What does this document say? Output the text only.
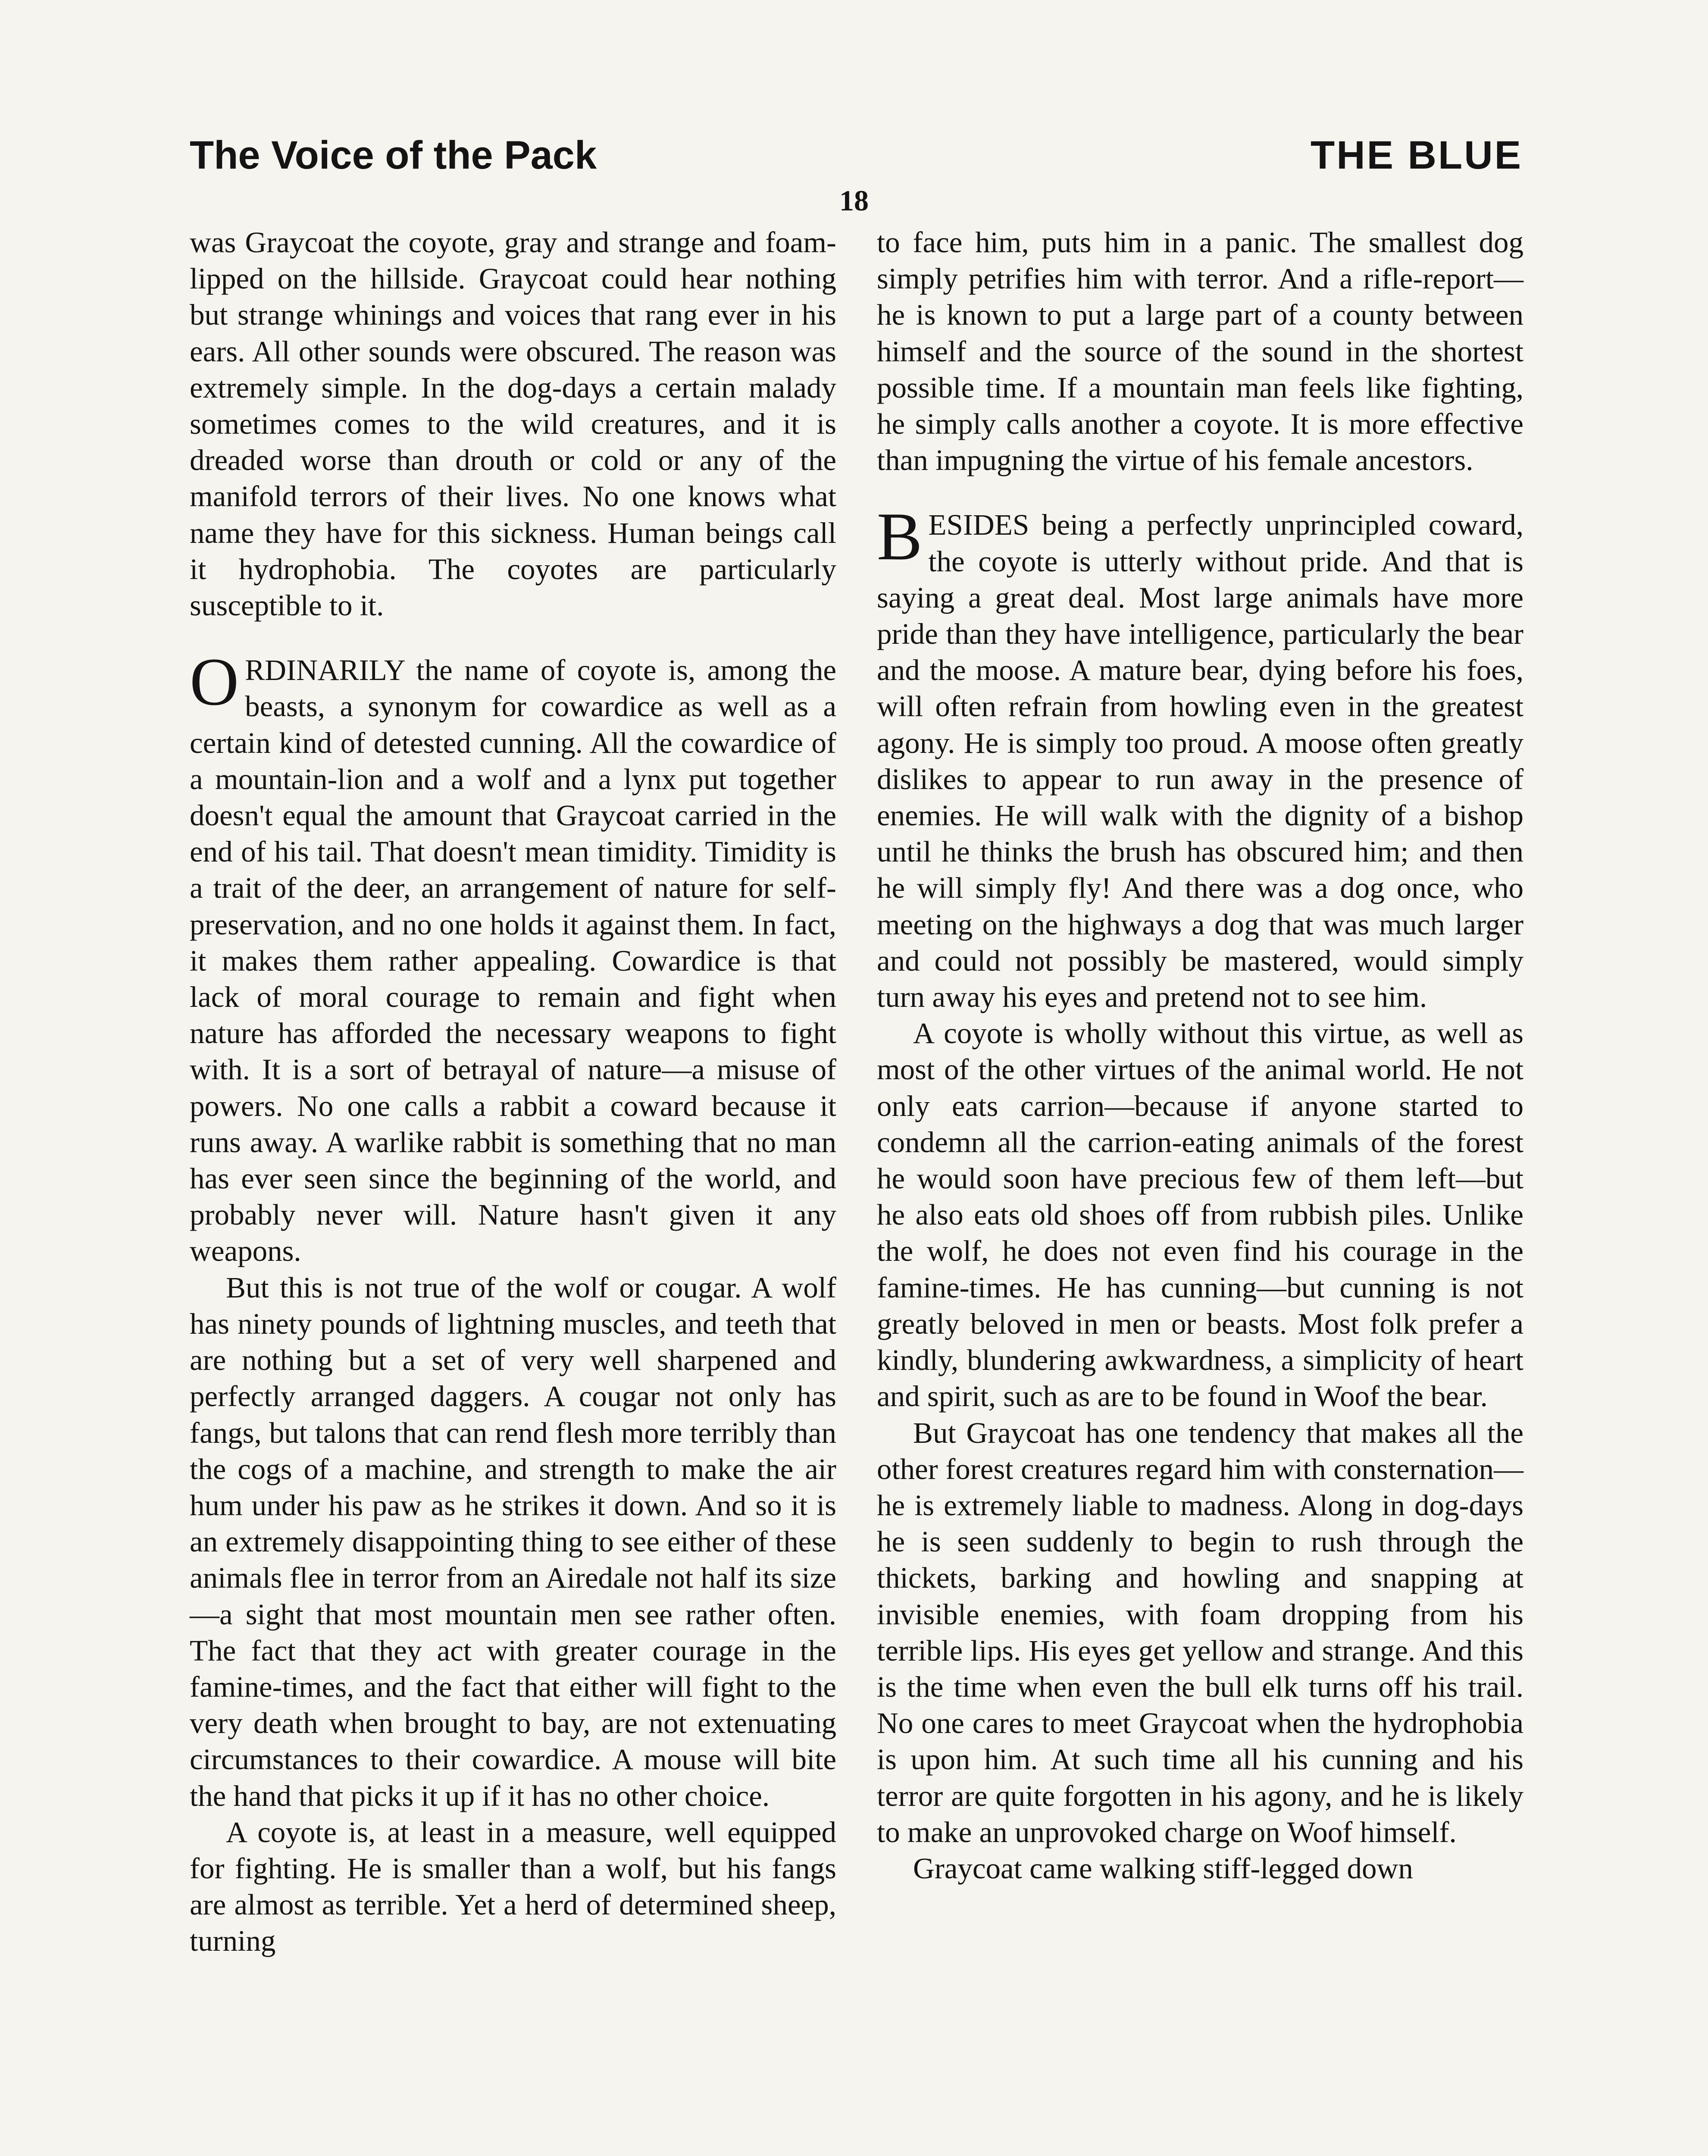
The Voice of the Pack	THE BLUE
18

was Graycoat the coyote, gray and strange and foam-lipped on the hillside. Graycoat could hear nothing but strange whinings and voices that rang ever in his ears. All other sounds were obscured. The reason was extremely simple. In the dog-days a certain malady sometimes comes to the wild creatures, and it is dreaded worse than drouth or cold or any of the manifold terrors of their lives. No one knows what name they have for this sickness. Human beings call it hydrophobia. The coyotes are particularly susceptible to it.

ORDINARILY the name of coyote is, among the beasts, a synonym for cowardice as well as a certain kind of detested cunning. All the cowardice of a mountain-lion and a wolf and a lynx put together doesn't equal the amount that Graycoat carried in the end of his tail. That doesn't mean timidity. Timidity is a trait of the deer, an arrangement of nature for self-preservation, and no one holds it against them. In fact, it makes them rather appealing. Cowardice is that lack of moral courage to remain and fight when nature has afforded the necessary weapons to fight with. It is a sort of betrayal of nature—a misuse of powers. No one calls a rabbit a coward because it runs away. A warlike rabbit is something that no man has ever seen since the beginning of the world, and probably never will. Nature hasn't given it any weapons.

But this is not true of the wolf or cougar. A wolf has ninety pounds of lightning muscles, and teeth that are nothing but a set of very well sharpened and perfectly arranged daggers. A cougar not only has fangs, but talons that can rend flesh more terribly than the cogs of a machine, and strength to make the air hum under his paw as he strikes it down. And so it is an extremely disappointing thing to see either of these animals flee in terror from an Airedale not half its size—a sight that most mountain men see rather often. The fact that they act with greater courage in the famine-times, and the fact that either will fight to the very death when brought to bay, are not extenuating circumstances to their cowardice. A mouse will bite the hand that picks it up if it has no other choice.

A coyote is, at least in a measure, well equipped for fighting. He is smaller than a wolf, but his fangs are almost as terrible. Yet a herd of determined sheep, turning

to face him, puts him in a panic. The smallest dog simply petrifies him with terror. And a rifle-report—he is known to put a large part of a county between himself and the source of the sound in the shortest possible time. If a mountain man feels like fighting, he simply calls another a coyote. It is more effective than impugning the virtue of his female ancestors.

BESIDES being a perfectly unprincipled coward, the coyote is utterly without pride. And that is saying a great deal. Most large animals have more pride than they have intelligence, particularly the bear and the moose. A mature bear, dying before his foes, will often refrain from howling even in the greatest agony. He is simply too proud. A moose often greatly dislikes to appear to run away in the presence of enemies. He will walk with the dignity of a bishop until he thinks the brush has obscured him; and then he will simply fly! And there was a dog once, who meeting on the highways a dog that was much larger and could not possibly be mastered, would simply turn away his eyes and pretend not to see him.

A coyote is wholly without this virtue, as well as most of the other virtues of the animal world. He not only eats carrion—because if anyone started to condemn all the carrion-eating animals of the forest he would soon have precious few of them left—but he also eats old shoes off from rubbish piles. Unlike the wolf, he does not even find his courage in the famine-times. He has cunning—but cunning is not greatly beloved in men or beasts. Most folk prefer a kindly, blundering awkwardness, a simplicity of heart and spirit, such as are to be found in Woof the bear.

But Graycoat has one tendency that makes all the other forest creatures regard him with consternation—he is extremely liable to madness. Along in dog-days he is seen suddenly to begin to rush through the thickets, barking and howling and snapping at invisible enemies, with foam dropping from his terrible lips. His eyes get yellow and strange. And this is the time when even the bull elk turns off his trail. No one cares to meet Graycoat when the hydrophobia is upon him. At such time all his cunning and his terror are quite forgotten in his agony, and he is likely to make an unprovoked charge on Woof himself.

Graycoat came walking stiff-legged down
